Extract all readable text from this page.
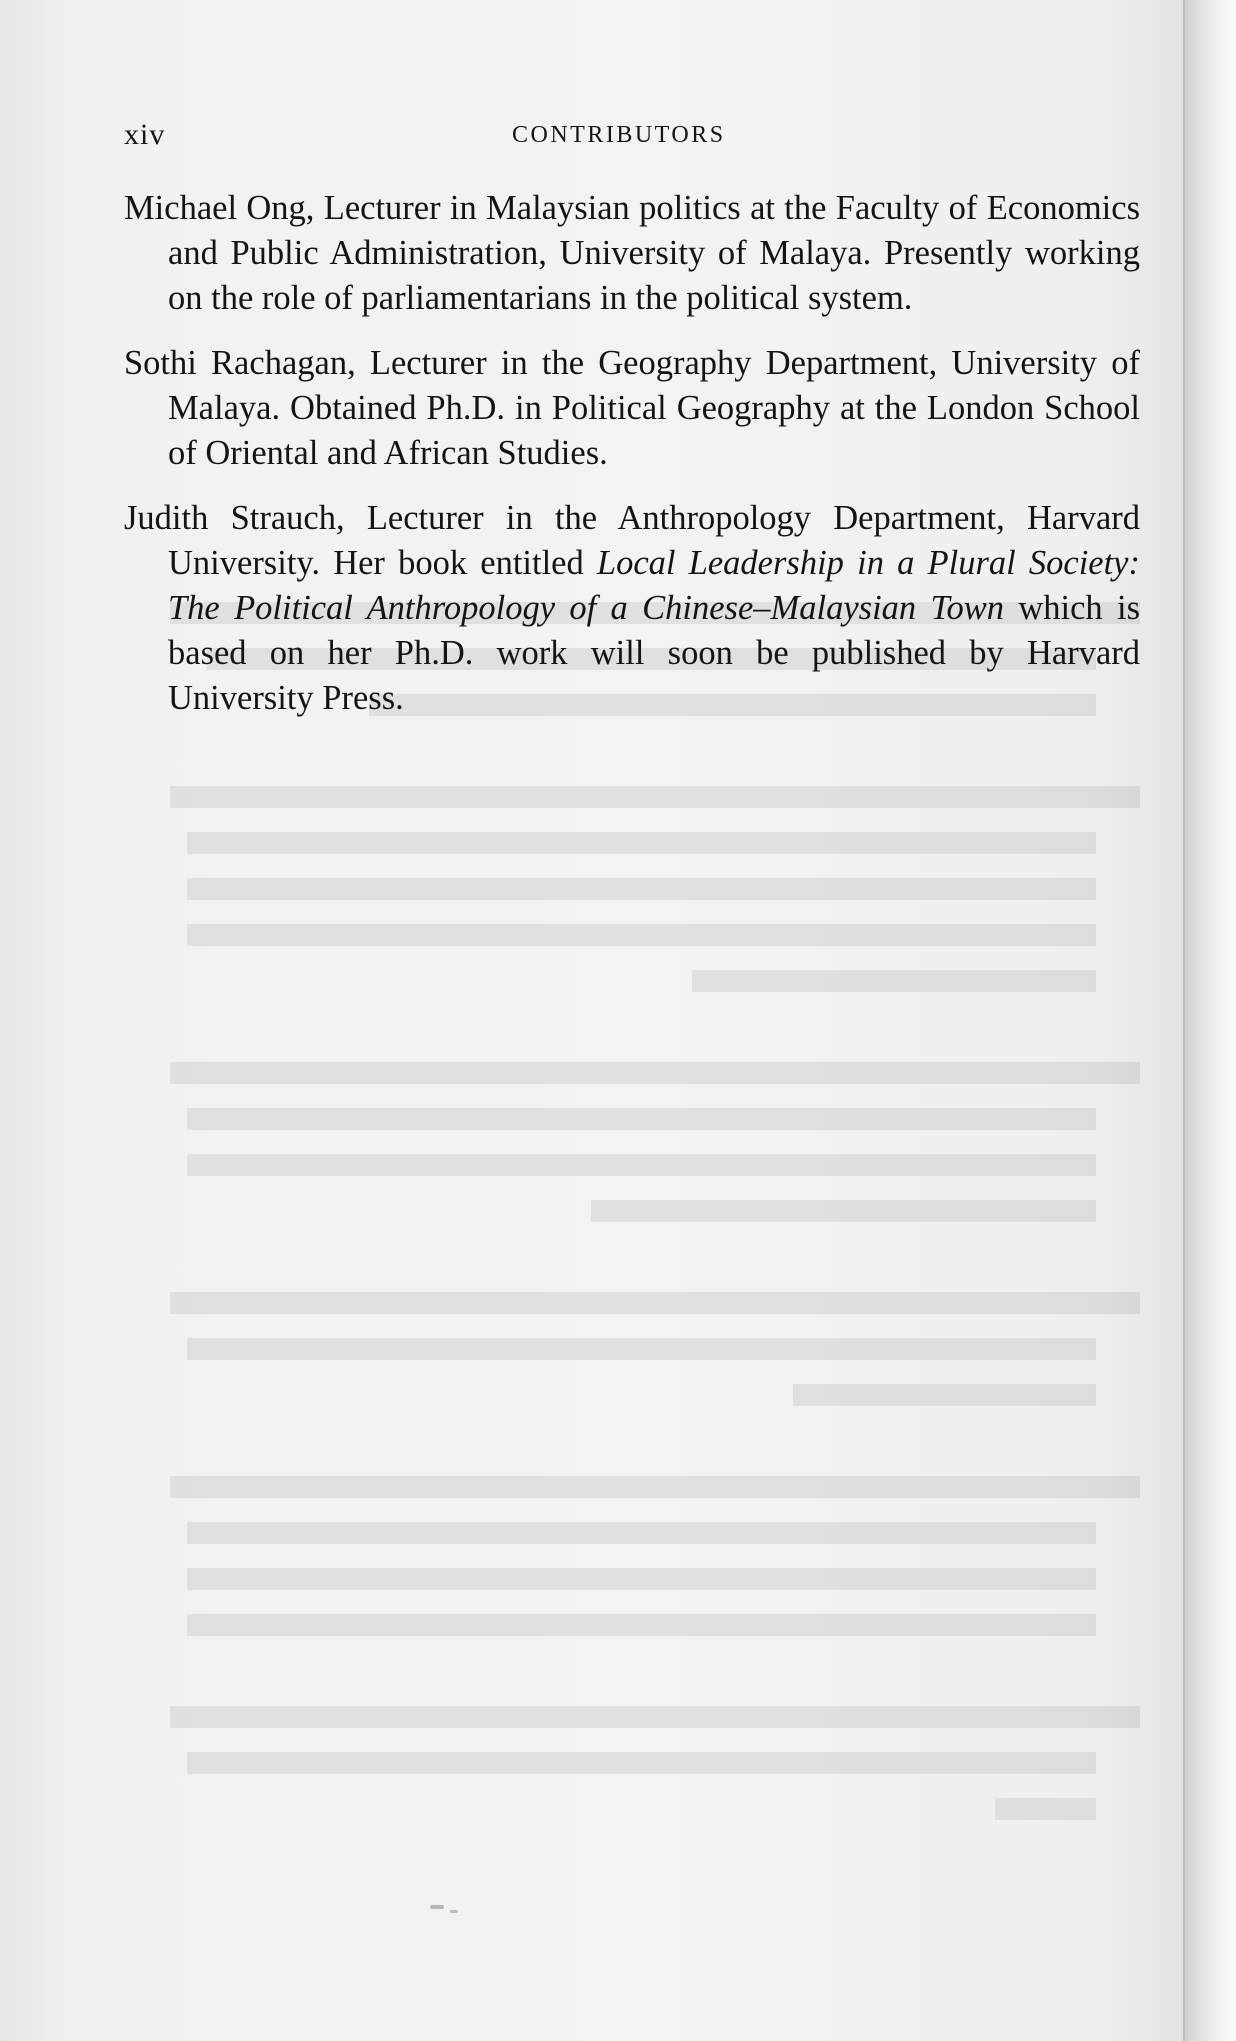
xiv	CONTRIBUTORS

Michael Ong, Lecturer in Malaysian politics at the Faculty of Economics and Public Administration, University of Malaya. Presently working on the role of parliamentarians in the political system.

Sothi Rachagan, Lecturer in the Geography Department, University of Malaya. Obtained Ph.D. in Political Geography at the London School of Oriental and African Studies.

Judith Strauch, Lecturer in the Anthropology Department, Harvard University. Her book entitled Local Leadership in a Plural Society: The Political Anthropology of a Chinese–Malaysian Town which is based on her Ph.D. work will soon be published by Harvard University Press.
